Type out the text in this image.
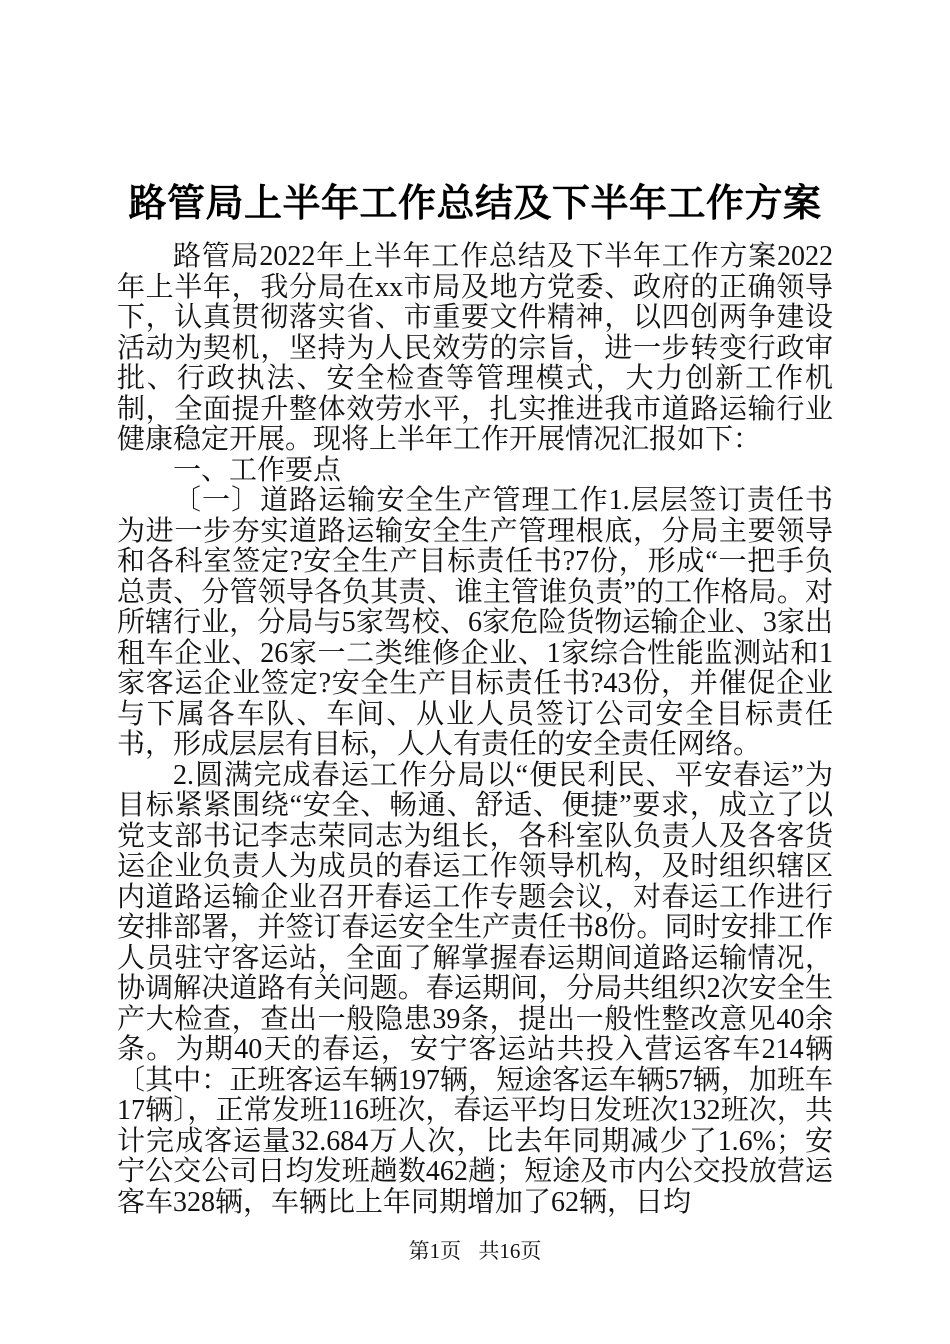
路管局上半年工作总结及下半年工作方案

路管局2022年上半年工作总结及下半年工作方案2022年上半年，我分局在xx市局及地方党委、政府的正确领导下，认真贯彻落实省、市重要文件精神，以四创两争建设活动为契机，坚持为人民效劳的宗旨，进一步转变行政审批、行政执法、安全检查等管理模式，大力创新工作机制，全面提升整体效劳水平，扎实推进我市道路运输行业健康稳定开展。现将上半年工作开展情况汇报如下：

一、工作要点

〔一〕道路运输安全生产管理工作1.层层签订责任书为进一步夯实道路运输安全生产管理根底，分局主要领导和各科室签定?安全生产目标责任书?7份，形成“一把手负总责、分管领导各负其责、谁主管谁负责”的工作格局。对所辖行业，分局与5家驾校、6家危险货物运输企业、3家出租车企业、26家一二类维修企业、1家综合性能监测站和1家客运企业签定?安全生产目标责任书?43份，并催促企业与下属各车队、车间、从业人员签订公司安全目标责任书，形成层层有目标，人人有责任的安全责任网络。

2.圆满完成春运工作分局以“便民利民、平安春运”为目标紧紧围绕“安全、畅通、舒适、便捷”要求，成立了以党支部书记李志荣同志为组长，各科室队负责人及各客货运企业负责人为成员的春运工作领导机构，及时组织辖区内道路运输企业召开春运工作专题会议，对春运工作进行安排部署，并签订春运安全生产责任书8份。同时安排工作人员驻守客运站，全面了解掌握春运期间道路运输情况，协调解决道路有关问题。春运期间，分局共组织2次安全生产大检查，查出一般隐患39条，提出一般性整改意见40余条。为期40天的春运，安宁客运站共投入营运客车214辆〔其中：正班客运车辆197辆，短途客运车辆57辆，加班车17辆〕，正常发班116班次，春运平均日发班次132班次，共计完成客运量32.684万人次，比去年同期减少了1.6%；安宁公交公司日均发班趟数462趟；短途及市内公交投放营运客车328辆，车辆比上年同期增加了62辆，日均

第1页 共16页
